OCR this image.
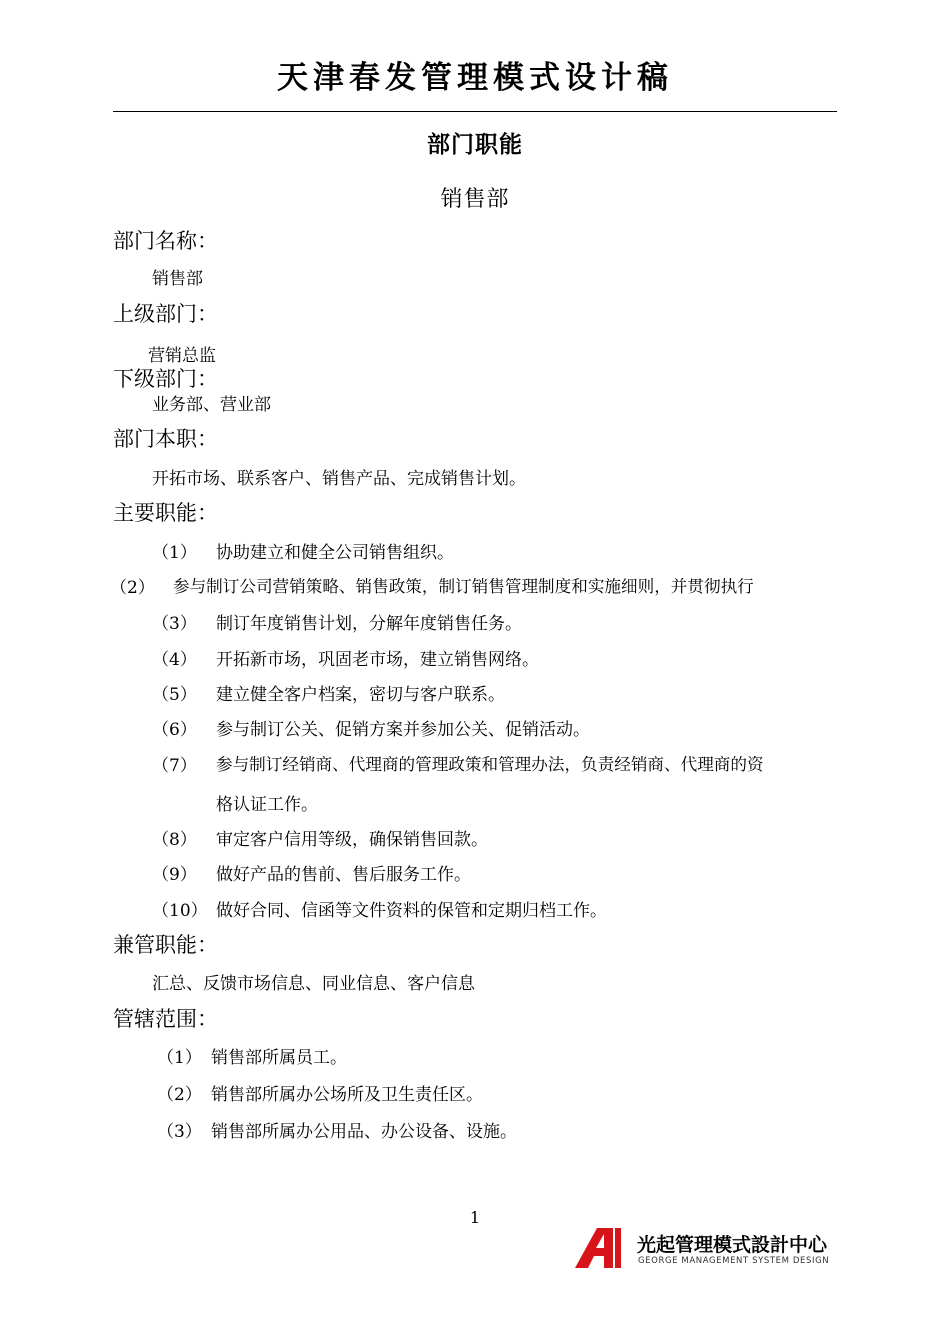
天津春发管理模式设计稿
部门职能
销售部
部门名称：
销售部
上级部门：
营销总监
下级部门：
业务部、营业部
部门本职：
开拓市场、联系客户、销售产品、完成销售计划。
主要职能：
（1） 协助建立和健全公司销售组织。
（2） 参与制订公司营销策略、销售政策，制订销售管理制度和实施细则，并贯彻执行
（3） 制订年度销售计划，分解年度销售任务。
（4） 开拓新市场，巩固老市场，建立销售网络。
（5） 建立健全客户档案，密切与客户联系。
（6） 参与制订公关、促销方案并参加公关、促销活动。
（7） 参与制订经销商、代理商的管理政策和管理办法，负责经销商、代理商的资
格认证工作。
（8） 审定客户信用等级，确保销售回款。
（9） 做好产品的售前、售后服务工作。
（10） 做好合同、信函等文件资料的保管和定期归档工作。
兼管职能：
汇总、反馈市场信息、同业信息、客户信息
管辖范围：
（1） 销售部所属员工。
（2） 销售部所属办公场所及卫生责任区。
（3） 销售部所属办公用品、办公设备、设施。
1
光起管理模式設計中心
GEORGE MANAGEMENT SYSTEM DESIGN
